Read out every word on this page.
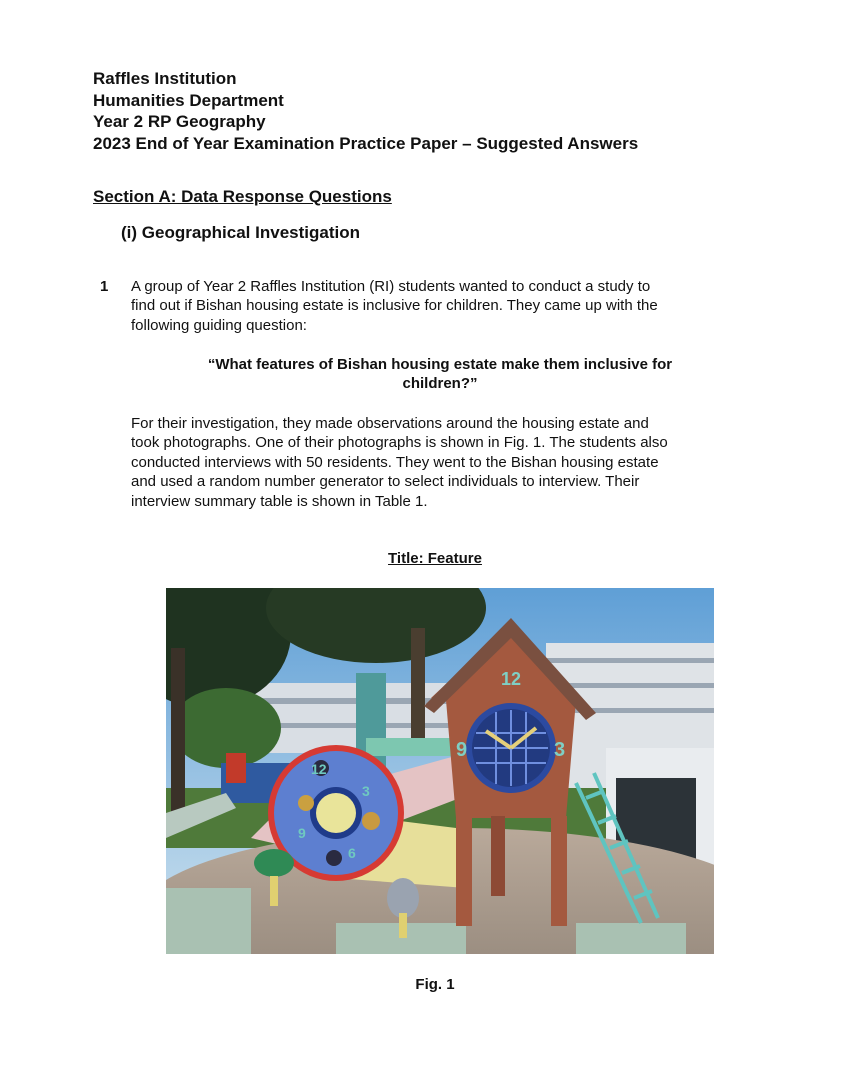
Raffles Institution
Humanities Department
Year 2 RP Geography
2023 End of Year Examination Practice Paper – Suggested Answers
Section A: Data Response Questions
(i) Geographical Investigation
1 A group of Year 2 Raffles Institution (RI) students wanted to conduct a study to
find out if Bishan housing estate is inclusive for children. They came up with the
following guiding question:
“What features of Bishan housing estate make them inclusive for
children?”
For their investigation, they made observations around the housing estate and
took photographs. One of their photographs is shown in Fig. 1. The students also
conducted interviews with 50 residents. They went to the Bishan housing estate
and used a random number generator to select individuals to interview. Their
interview summary table is shown in Table 1.
Title: Feature
12
3
6
9
12
3
9
Fig. 1
